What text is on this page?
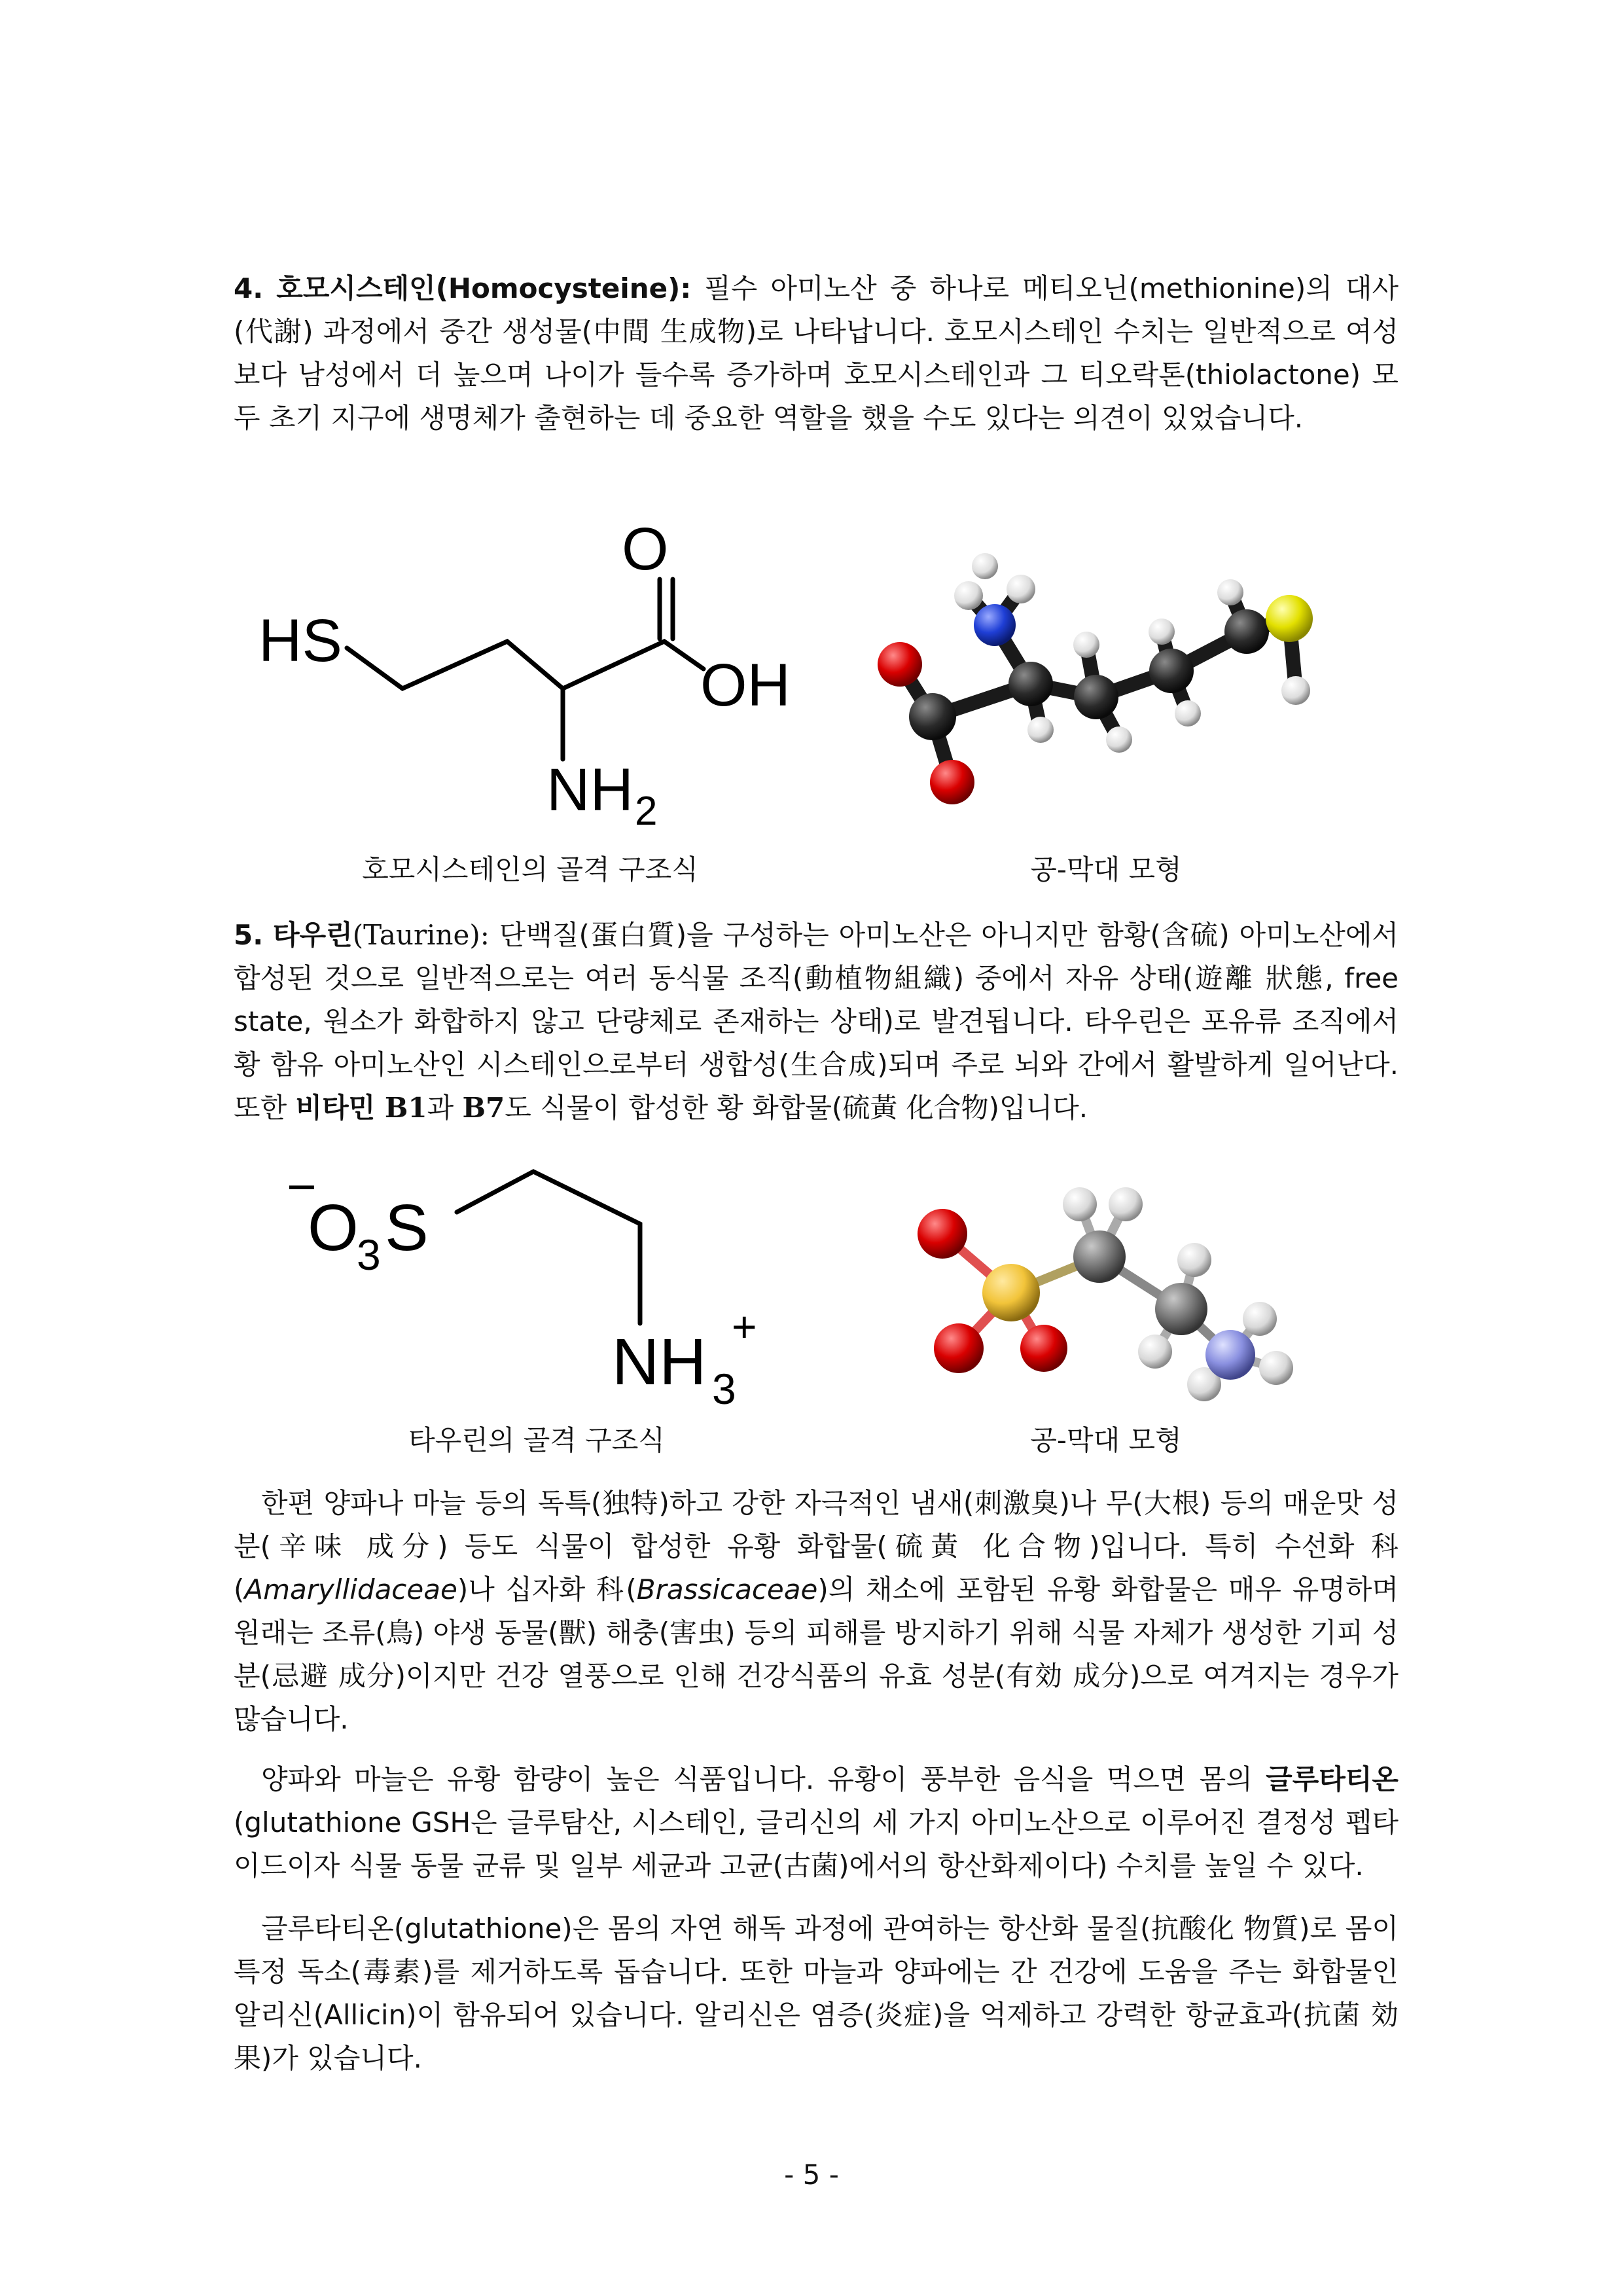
4. 호모시스테인(Homocysteine): 필수 아미노산 중 하나로 메티오닌(methionine)의 대사(代謝) 과정에서 중간 생성물(中間 生成物)로 나타납니다. 호모시스테인 수치는 일반적으로 여성보다 남성에서 더 높으며 나이가 들수록 증가하며 호모시스테인과 그 티오락톤(thiolactone) 모두 초기 지구에 생명체가 출현하는 데 중요한 역할을 했을 수도 있다는 의견이 있었습니다.

HS
O
OH
NH 2

호모시스테인의 골격 구조식	공-막대 모형

5. 타우린(Taurine): 단백질(蛋白質)을 구성하는 아미노산은 아니지만 함황(含硫) 아미노산에서 합성된 것으로 일반적으로는 여러 동식물 조직(動植物組織) 중에서 자유 상태(遊離 狀態, free state, 원소가 화합하지 않고 단량체로 존재하는 상태)로 발견됩니다. 타우린은 포유류 조직에서 황 함유 아미노산인 시스테인으로부터 생합성(生合成)되며 주로 뇌와 간에서 활발하게 일어난다. 또한 비타민 B1과 B7도 식물이 합성한 황 화합물(硫黃 化合物)입니다.

−
O
3 S
NH 3
+

타우린의 골격 구조식	공-막대 모형

한편 양파나 마늘 등의 독특(独特)하고 강한 자극적인 냄새(刺激臭)나 무(大根) 등의 매운맛 성분(辛味 成分) 등도 식물이 합성한 유황 화합물(硫黃 化合物)입니다. 특히 수선화 科(Amaryllidaceae)나 십자화 科(Brassicaceae)의 채소에 포함된 유황 화합물은 매우 유명하며 원래는 조류(鳥) 야생 동물(獸) 해충(害虫) 등의 피해를 방지하기 위해 식물 자체가 생성한 기피 성분(忌避 成分)이지만 건강 열풍으로 인해 건강식품의 유효 성분(有効 成分)으로 여겨지는 경우가 많습니다.

양파와 마늘은 유황 함량이 높은 식품입니다. 유황이 풍부한 음식을 먹으면 몸의 글루타티온(glutathione GSH은 글루탐산, 시스테인, 글리신의 세 가지 아미노산으로 이루어진 결정성 펩타이드이자 식물 동물 균류 및 일부 세균과 고균(古菌)에서의 항산화제이다) 수치를 높일 수 있다.

글루타티온(glutathione)은 몸의 자연 해독 과정에 관여하는 항산화 물질(抗酸化 物質)로 몸이 특정 독소(毒素)를 제거하도록 돕습니다. 또한 마늘과 양파에는 간 건강에 도움을 주는 화합물인 알리신(Allicin)이 함유되어 있습니다. 알리신은 염증(炎症)을 억제하고 강력한 항균효과(抗菌 効果)가 있습니다.

- 5 -
